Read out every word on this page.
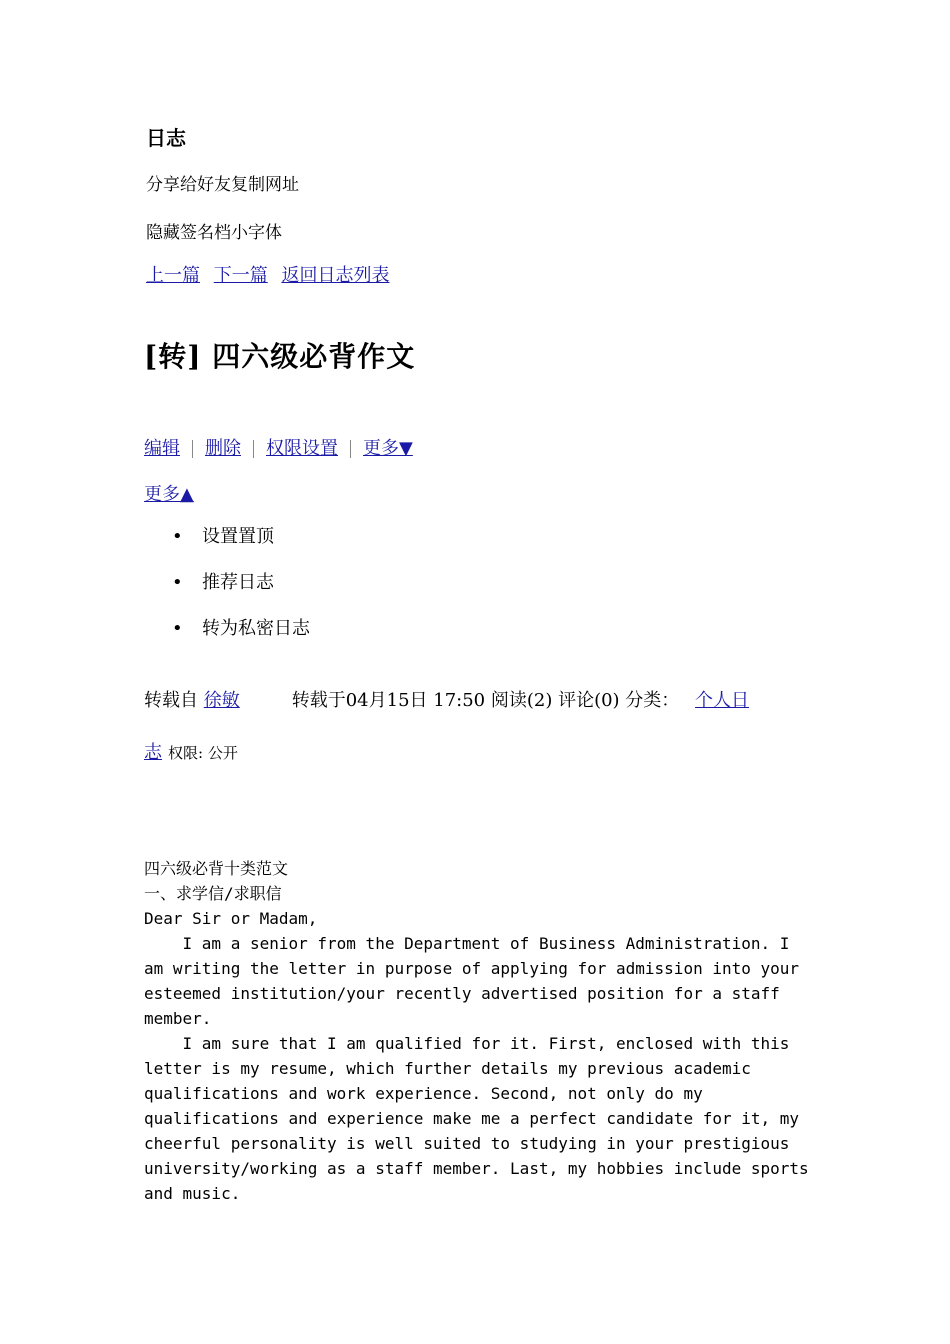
日志
分享给好友复制网址
隐藏签名档小字体
上一篇 下一篇 返回日志列表
[转] 四六级必背作文
编辑 删除 权限设置 更多▼
更多▲
• 设置置顶
• 推荐日志
• 转为私密日志
转载自 徐敏	转载于04月15日 17:50 阅读(2) 评论(0) 分类： 个人日
志 权限: 公开
四六级必背十类范文
一、求学信/求职信
Dear Sir or Madam,
I am a senior from the Department of Business Administration. I
am writing the letter in purpose of applying for admission into your
esteemed institution/your recently advertised position for a staff
member.
I am sure that I am qualified for it. First, enclosed with this
letter is my resume, which further details my previous academic
qualifications and work experience. Second, not only do my
qualifications and experience make me a perfect candidate for it, my
cheerful personality is well suited to studying in your prestigious
university/working as a staff member. Last, my hobbies include sports
and music.
